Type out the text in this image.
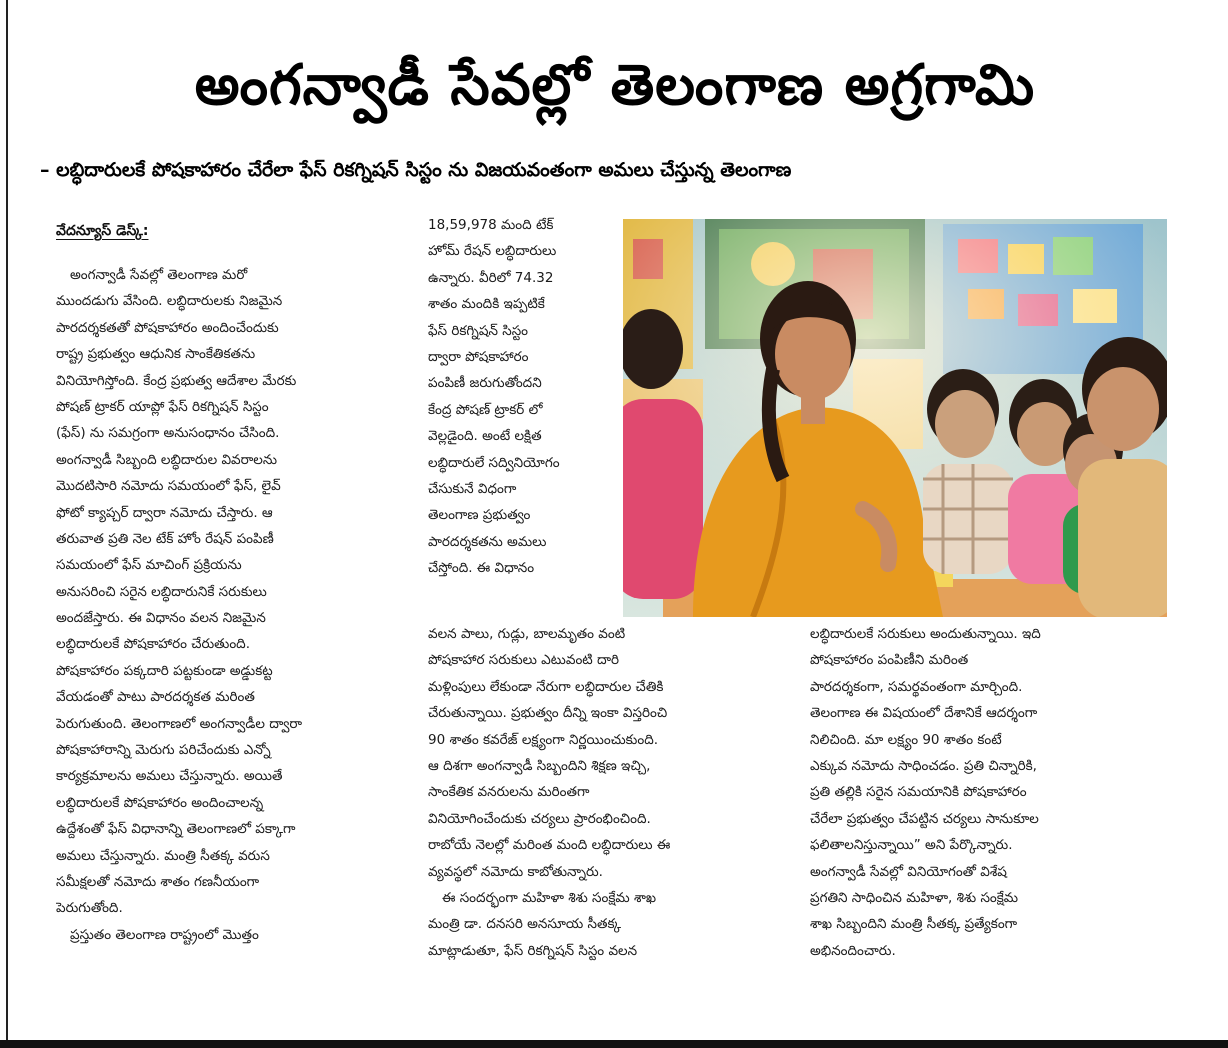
అంగన్వాడీ సేవల్లో తెలంగాణ అగ్రగామి
– లబ్ధిదారులకే పోషకాహారం చేరేలా ఫేస్ రికగ్నిషన్ సిస్టం ను విజయవంతంగా అమలు చేస్తున్న తెలంగాణ
వేదన్యూస్ డెస్క్:
అంగన్వాడీ సేవల్లో తెలంగాణ మరో
ముందడుగు వేసింది. లబ్ధిదారులకు నిజమైన
పారదర్శకతతో పోషకాహారం అందించేందుకు
రాష్ట్ర ప్రభుత్వం ఆధునిక సాంకేతికతను
వినియోగిస్తోంది. కేంద్ర ప్రభుత్వ ఆదేశాల మేరకు
పోషణ్ ట్రాకర్ యాప్లో ఫేస్ రికగ్నిషన్ సిస్టం
(ఫేస్) ను సమగ్రంగా అనుసంధానం చేసింది.
అంగన్వాడీ సిబ్బంది లబ్ధిదారుల వివరాలను
మొదటిసారి నమోదు సమయంలో ఫేస్, లైవ్
ఫోటో క్యాప్చర్ ద్వారా నమోదు చేస్తారు. ఆ
తరువాత ప్రతి నెల టేక్ హోం రేషన్ పంపిణీ
సమయంలో ఫేస్ మాచింగ్ ప్రక్రియను
అనుసరించి సరైన లబ్ధిదారునికే సరుకులు
అందజేస్తారు. ఈ విధానం వలన నిజమైన
లబ్ధిదారులకే పోషకాహారం చేరుతుంది.
పోషకాహారం పక్కదారి పట్టకుండా అడ్డుకట్ట
వేయడంతో పాటు పారదర్శకత మరింత
పెరుగుతుంది. తెలంగాణలో అంగన్వాడీల ద్వారా
పోషకాహారాన్ని మెరుగు పరిచేందుకు ఎన్నో
కార్యక్రమాలను అమలు చేస్తున్నారు. అయితే
లబ్ధిదారులకే పోషకాహారం అందించాలన్న
ఉద్దేశంతో ఫేస్ విధానాన్ని తెలంగాణలో పక్కాగా
అమలు చేస్తున్నారు. మంత్రి సీతక్క వరుస
సమీక్షలతో నమోదు శాతం గణనీయంగా
పెరుగుతోంది.
ప్రస్తుతం తెలంగాణ రాష్ట్రంలో మొత్తం
18,59,978 మంది టేక్
హోమ్ రేషన్ లబ్ధిదారులు
ఉన్నారు. వీరిలో 74.32
శాతం మందికి ఇప్పటికే
ఫేస్ రికగ్నిషన్ సిస్టం
ద్వారా పోషకాహారం
పంపిణీ జరుగుతోందని
కేంద్ర పోషణ్ ట్రాకర్ లో
వెల్లడైంది. అంటే లక్షిత
లబ్ధిదారులే సద్వినియోగం
చేసుకునే విధంగా
తెలంగాణ ప్రభుత్వం
పారదర్శకతను అమలు
చేస్తోంది. ఈ విధానం
వలన పాలు, గుడ్లు, బాలమృతం వంటి
పోషకాహార సరుకులు ఎటువంటి దారి
మళ్లింపులు లేకుండా నేరుగా లబ్ధిదారుల చేతికి
చేరుతున్నాయి. ప్రభుత్వం దీన్ని ఇంకా విస్తరించి
90 శాతం కవరేజ్ లక్ష్యంగా నిర్ణయించుకుంది.
ఆ దిశగా అంగన్వాడీ సిబ్బందిని శిక్షణ ఇచ్చి,
సాంకేతిక వనరులను మరింతగా
వినియోగించేందుకు చర్యలు ప్రారంభించింది.
రాబోయే నెలల్లో మరింత మంది లబ్ధిదారులు ఈ
వ్యవస్థలో నమోదు కాబోతున్నారు.
ఈ సందర్భంగా మహిళా శిశు సంక్షేమ శాఖ
మంత్రి డా. దనసరి అనసూయ సీతక్క
మాట్లాడుతూ, ఫేస్ రికగ్నిషన్ సిస్టం వలన
లబ్ధిదారులకే సరుకులు అందుతున్నాయి. ఇది
పోషకాహారం పంపిణీని మరింత
పారదర్శకంగా, సమర్థవంతంగా మార్చింది.
తెలంగాణ ఈ విషయంలో దేశానికే ఆదర్శంగా
నిలిచింది. మా లక్ష్యం 90 శాతం కంటే
ఎక్కువ నమోదు సాధించడం. ప్రతి చిన్నారికి,
ప్రతి తల్లికి సరైన సమయానికి పోషకాహారం
చేరేలా ప్రభుత్వం చేపట్టిన చర్యలు సానుకూల
ఫలితాలనిస్తున్నాయి” అని పేర్కొన్నారు.
అంగన్వాడీ సేవల్లో వినియోగంతో విశేష
ప్రగతిని సాధించిన మహిళా, శిశు సంక్షేమ
శాఖ సిబ్బందిని మంత్రి సీతక్క ప్రత్యేకంగా
అభినందించారు.
